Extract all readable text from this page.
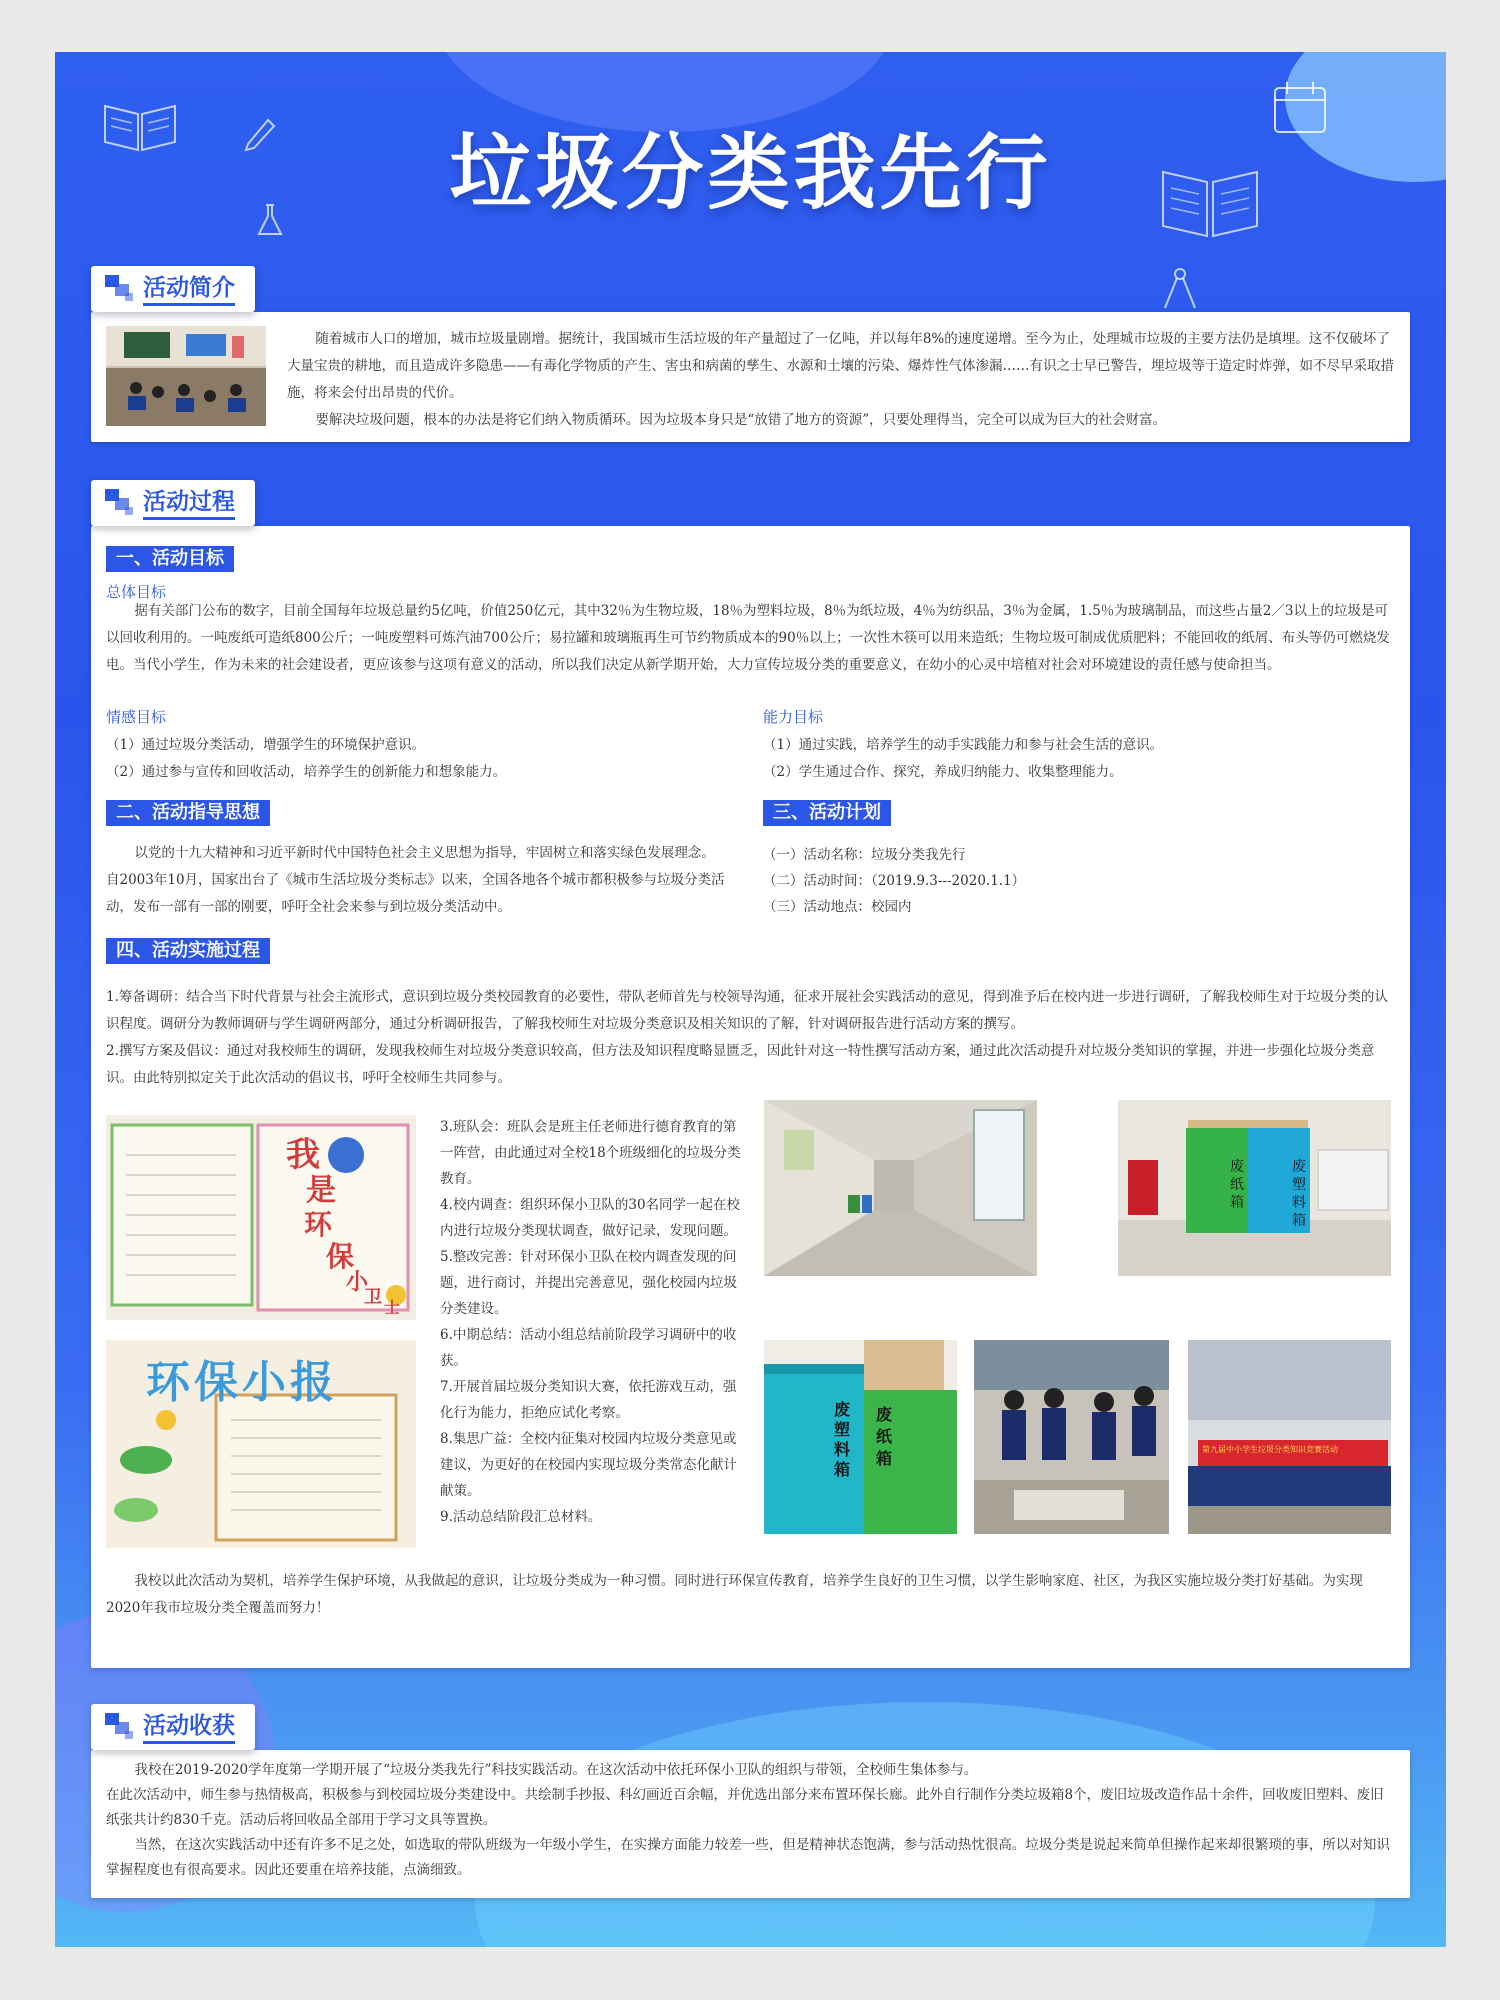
垃圾分类我先行
活动简介

随着城市人口的增加，城市垃圾量剧增。据统计，我国城市生活垃圾的年产量超过了一亿吨，并以每年8%的速度递增。至今为止，处理城市垃圾的主要方法仍是填埋。这不仅破坏了大量宝贵的耕地，而且造成许多隐患——有毒化学物质的产生、害虫和病菌的孳生、水源和土壤的污染、爆炸性气体渗漏……有识之士早已警告，埋垃圾等于造定时炸弹，如不尽早采取措施，将来会付出昂贵的代价。

要解决垃圾问题，根本的办法是将它们纳入物质循环。因为垃圾本身只是“放错了地方的资源”，只要处理得当，完全可以成为巨大的社会财富。

活动过程
一、活动目标
总体目标

据有关部门公布的数字，目前全国每年垃圾总量约5亿吨，价值250亿元，其中32％为生物垃圾，18％为塑料垃圾，8％为纸垃圾，4％为纺织品，3％为金属，1.5％为玻璃制品，而这些占量2／3以上的垃圾是可以回收利用的。一吨废纸可造纸800公斤；一吨废塑料可炼汽油700公斤；易拉罐和玻璃瓶再生可节约物质成本的90％以上；一次性木筷可以用来造纸；生物垃圾可制成优质肥料；不能回收的纸屑、布头等仍可燃烧发电。当代小学生，作为未来的社会建设者，更应该参与这项有意义的活动，所以我们决定从新学期开始，大力宣传垃圾分类的重要意义，在幼小的心灵中培植对社会对环境建设的责任感与使命担当。

情感目标

（1）通过垃圾分类活动，增强学生的环境保护意识。

（2）通过参与宣传和回收活动，培养学生的创新能力和想象能力。

能力目标

（1）通过实践，培养学生的动手实践能力和参与社会生活的意识。

（2）学生通过合作、探究，养成归纳能力、收集整理能力。

二、活动指导思想

以党的十九大精神和习近平新时代中国特色社会主义思想为指导，牢固树立和落实绿色发展理念。自2003年10月，国家出台了《城市生活垃圾分类标志》以来，全国各地各个城市都积极参与垃圾分类活动，发布一部有一部的刚要，呼吁全社会来参与到垃圾分类活动中。

三、活动计划

（一）活动名称：垃圾分类我先行

（二）活动时间：（2019.9.3---2020.1.1）

（三）活动地点：校园内

四、活动实施过程

1.筹备调研：结合当下时代背景与社会主流形式，意识到垃圾分类校园教育的必要性，带队老师首先与校领导沟通，征求开展社会实践活动的意见，得到准予后在校内进一步进行调研，了解我校师生对于垃圾分类的认识程度。调研分为教师调研与学生调研两部分，通过分析调研报告，了解我校师生对垃圾分类意识及相关知识的了解，针对调研报告进行活动方案的撰写。

2.撰写方案及倡议：通过对我校师生的调研，发现我校师生对垃圾分类意识较高，但方法及知识程度略显匮乏，因此针对这一特性撰写活动方案，通过此次活动提升对垃圾分类知识的掌握，并进一步强化垃圾分类意识。由此特别拟定关于此次活动的倡议书，呼吁全校师生共同参与。

我
是
环
保
小
卫 士
环保小报

3.班队会：班队会是班主任老师进行德育教育的第一阵营，由此通过对全校18个班级细化的垃圾分类教育。

4.校内调查：组织环保小卫队的30名同学一起在校内进行垃圾分类现状调查，做好记录，发现问题。

5.整改完善：针对环保小卫队在校内调查发现的问题，进行商讨，并提出完善意见，强化校园内垃圾分类建设。

6.中期总结：活动小组总结前阶段学习调研中的收获。

7.开展首届垃圾分类知识大赛，依托游戏互动，强化行为能力，拒绝应试化考察。

8.集思广益：全校内征集对校园内垃圾分类意见或建议，为更好的在校园内实现垃圾分类常态化献计献策。

9.活动总结阶段汇总材料。

废纸箱
废塑料箱
废塑料箱
废纸箱	第九届中小学生垃圾分类知识竞赛活动

我校以此次活动为契机，培养学生保护环境，从我做起的意识，让垃圾分类成为一种习惯。同时进行环保宣传教育，培养学生良好的卫生习惯，以学生影响家庭、社区，为我区实施垃圾分类打好基础。为实现2020年我市垃圾分类全覆盖而努力！

活动收获

我校在2019-2020学年度第一学期开展了“垃圾分类我先行”科技实践活动。在这次活动中依托环保小卫队的组织与带领，全校师生集体参与。

在此次活动中，师生参与热情极高，积极参与到校园垃圾分类建设中。共绘制手抄报、科幻画近百余幅，并优选出部分来布置环保长廊。此外自行制作分类垃圾箱8个，废旧垃圾改造作品十余件，回收废旧塑料、废旧纸张共计约830千克。活动后将回收品全部用于学习文具等置换。

当然，在这次实践活动中还有许多不足之处，如选取的带队班级为一年级小学生，在实操方面能力较差一些，但是精神状态饱满，参与活动热忱很高。垃圾分类是说起来简单但操作起来却很繁琐的事，所以对知识掌握程度也有很高要求。因此还要重在培养技能，点滴细致。
